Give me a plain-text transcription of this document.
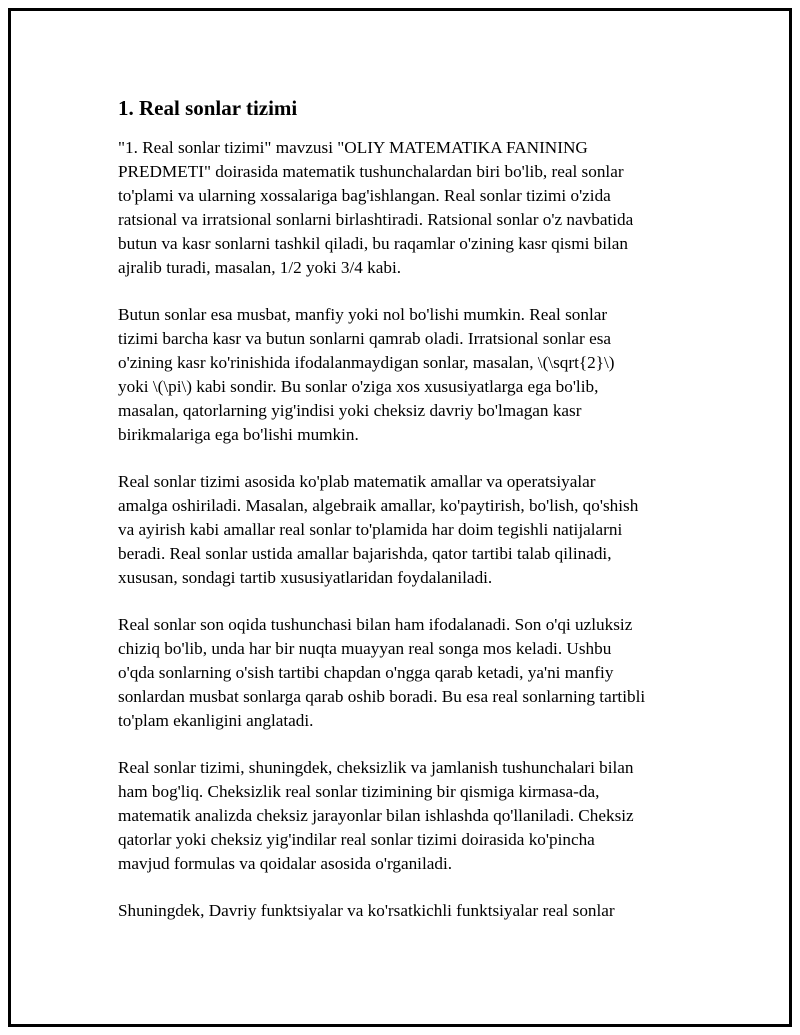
1. Real sonlar tizimi

"1. Real sonlar tizimi" mavzusi "OLIY MATEMATIKA FANINING
PREDMETI" doirasida matematik tushunchalardan biri bo'lib, real sonlar
to'plami va ularning xossalariga bag'ishlangan. Real sonlar tizimi o'zida
ratsional va irratsional sonlarni birlashtiradi. Ratsional sonlar o'z navbatida
butun va kasr sonlarni tashkil qiladi, bu raqamlar o'zining kasr qismi bilan
ajralib turadi, masalan, 1/2 yoki 3/4 kabi.

Butun sonlar esa musbat, manfiy yoki nol bo'lishi mumkin. Real sonlar
tizimi barcha kasr va butun sonlarni qamrab oladi. Irratsional sonlar esa
o'zining kasr ko'rinishida ifodalanmaydigan sonlar, masalan, \(\sqrt{2}\)
yoki \(\pi\) kabi sondir. Bu sonlar o'ziga xos xususiyatlarga ega bo'lib,
masalan, qatorlarning yig'indisi yoki cheksiz davriy bo'lmagan kasr
birikmalariga ega bo'lishi mumkin.

Real sonlar tizimi asosida ko'plab matematik amallar va operatsiyalar
amalga oshiriladi. Masalan, algebraik amallar, ko'paytirish, bo'lish, qo'shish
va ayirish kabi amallar real sonlar to'plamida har doim tegishli natijalarni
beradi. Real sonlar ustida amallar bajarishda, qator tartibi talab qilinadi,
xususan, sondagi tartib xususiyatlaridan foydalaniladi.

Real sonlar son oqida tushunchasi bilan ham ifodalanadi. Son o'qi uzluksiz
chiziq bo'lib, unda har bir nuqta muayyan real songa mos keladi. Ushbu
o'qda sonlarning o'sish tartibi chapdan o'ngga qarab ketadi, ya'ni manfiy
sonlardan musbat sonlarga qarab oshib boradi. Bu esa real sonlarning tartibli
to'plam ekanligini anglatadi.

Real sonlar tizimi, shuningdek, cheksizlik va jamlanish tushunchalari bilan
ham bog'liq. Cheksizlik real sonlar tizimining bir qismiga kirmasa-da,
matematik analizda cheksiz jarayonlar bilan ishlashda qo'llaniladi. Cheksiz
qatorlar yoki cheksiz yig'indilar real sonlar tizimi doirasida ko'pincha
mavjud formulas va qoidalar asosida o'rganiladi.

Shuningdek, Davriy funktsiyalar va ko'rsatkichli funktsiyalar real sonlar
